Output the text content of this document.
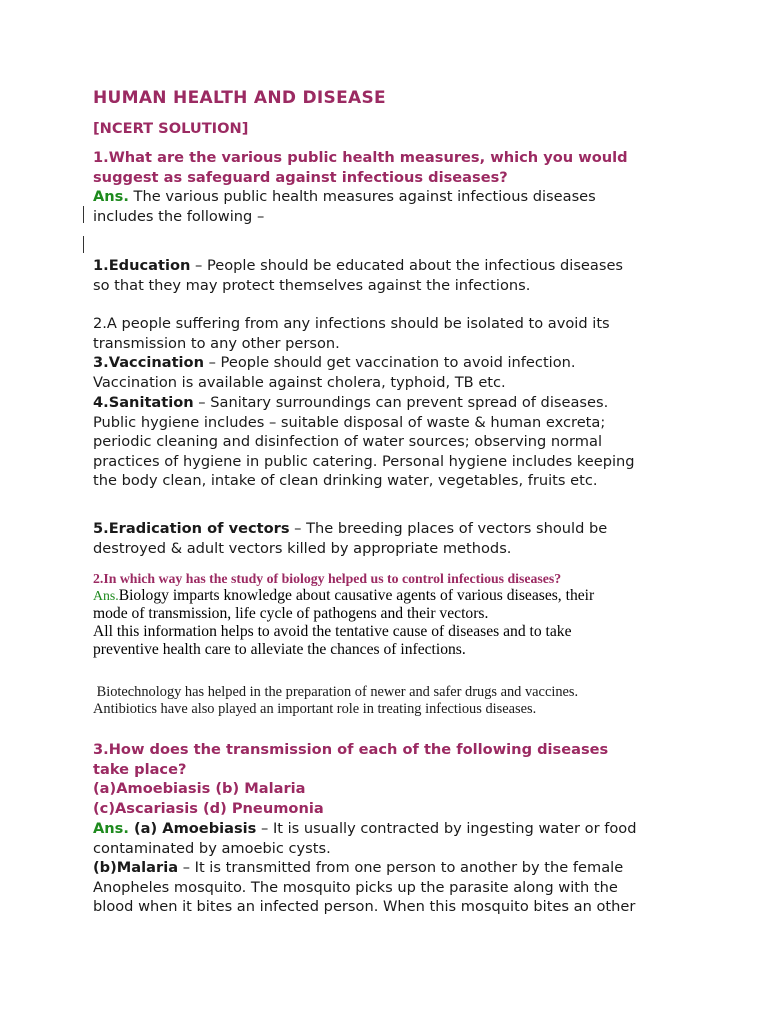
HUMAN HEALTH AND DISEASE
[NCERT SOLUTION]
1.What are the various public health measures, which you would
suggest as safeguard against infectious diseases?
Ans. The various public health measures against infectious diseases
includes the following –
1.Education – People should be educated about the infectious diseases
so that they may protect themselves against the infections.
2.A people suffering from any infections should be isolated to avoid its
transmission to any other person.
3.Vaccination – People should get vaccination to avoid infection.
Vaccination is available against cholera, typhoid, TB etc.
4.Sanitation – Sanitary surroundings can prevent spread of diseases.
Public hygiene includes – suitable disposal of waste & human excreta;
periodic cleaning and disinfection of water sources; observing normal
practices of hygiene in public catering. Personal hygiene includes keeping
the body clean, intake of clean drinking water, vegetables, fruits etc.
5.Eradication of vectors – The breeding places of vectors should be
destroyed & adult vectors killed by appropriate methods.
2.In which way has the study of biology helped us to control infectious diseases?
Ans.Biology imparts knowledge about causative agents of various diseases, their
mode of transmission, life cycle of pathogens and their vectors.
All this information helps to avoid the tentative cause of diseases and to take
preventive health care to alleviate the chances of infections.
Biotechnology has helped in the preparation of newer and safer drugs and vaccines.
Antibiotics have also played an important role in treating infectious diseases.
3.How does the transmission of each of the following diseases
take place?
(a)Amoebiasis (b) Malaria
(c)Ascariasis (d) Pneumonia
Ans. (a) Amoebiasis – It is usually contracted by ingesting water or food
contaminated by amoebic cysts.
(b)Malaria – It is transmitted from one person to another by the female
Anopheles mosquito. The mosquito picks up the parasite along with the
blood when it bites an infected person. When this mosquito bites an other
